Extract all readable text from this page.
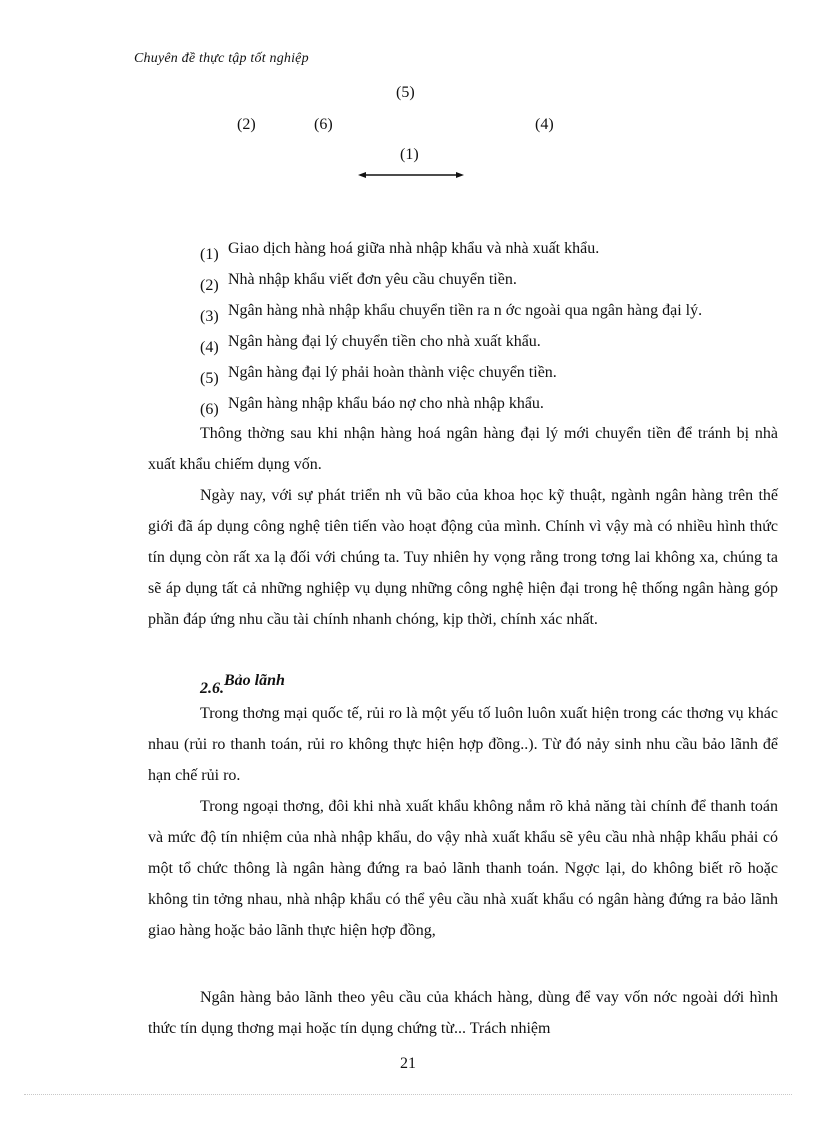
Chuyên đề thực tập tốt nghiệp
(5)
(2)	(6)	(4)
(1)
(1) Giao dịch hàng hoá giữa nhà nhập khẩu và nhà xuất khẩu.
(2) Nhà nhập khẩu viết đơn yêu cầu chuyển tiền.
(3) Ngân hàng nhà nhập khẩu chuyển tiền ra n ớc ngoài qua ngân hàng đại lý.
(4) Ngân hàng đại lý chuyển tiền cho nhà xuất khẩu.
(5) Ngân hàng đại lý phải hoàn thành việc chuyển tiền.
(6) Ngân hàng nhập khẩu báo nợ cho nhà nhập khẩu.

Thông thờng sau khi nhận hàng hoá ngân hàng đại lý mới chuyển tiền để tránh bị nhà xuất khẩu chiếm dụng vốn.

Ngày nay, với sự phát triển nh vũ bão của khoa học kỹ thuật, ngành ngân hàng trên thế giới đã áp dụng công nghệ tiên tiến vào hoạt động của mình. Chính vì vậy mà có nhiều hình thức tín dụng còn rất xa lạ đối với chúng ta. Tuy nhiên hy vọng rằng trong tơng lai không xa, chúng ta sẽ áp dụng tất cả những nghiệp vụ dụng những công nghệ hiện đại trong hệ thống ngân hàng góp phần đáp ứng nhu cầu tài chính nhanh chóng, kịp thời, chính xác nhất.

2.6.Bảo lãnh

Trong thơng mại quốc tế, rủi ro là một yếu tố luôn luôn xuất hiện trong các thơng vụ khác nhau (rủi ro thanh toán, rủi ro không thực hiện hợp đồng..). Từ đó nảy sinh nhu cầu bảo lãnh để hạn chế rủi ro.

Trong ngoại thơng, đôi khi nhà xuất khẩu không nắm rõ khả năng tài chính để thanh toán và mức độ tín nhiệm của nhà nhập khẩu, do vậy nhà xuất khẩu sẽ yêu cầu nhà nhập khẩu phải có một tổ chức thông là ngân hàng đứng ra baỏ lãnh thanh toán. Ngợc lại, do không biết rõ hoặc không tin tởng nhau, nhà nhập khẩu có thể yêu cầu nhà xuất khẩu có ngân hàng đứng ra bảo lãnh giao hàng hoặc bảo lãnh thực hiện hợp đồng,

Ngân hàng bảo lãnh theo yêu cầu của khách hàng, dùng để vay vốn nớc ngoài dới hình thức tín dụng thơng mại hoặc tín dụng chứng từ... Trách nhiệm

21
